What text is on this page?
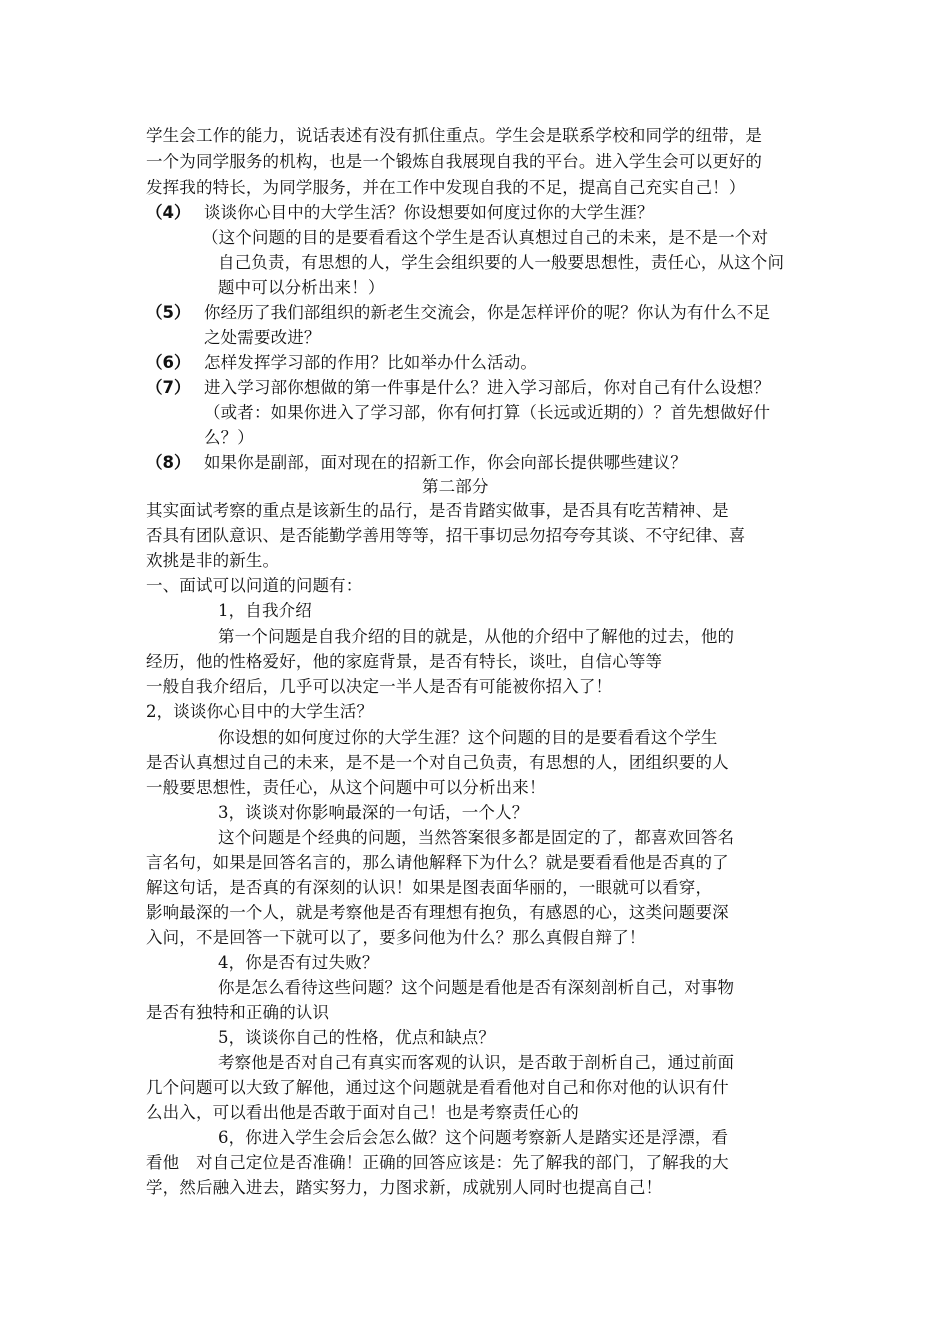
学生会工作的能力，说话表述有没有抓住重点。学生会是联系学校和同学的纽带，是
一个为同学服务的机构，也是一个锻炼自我展现自我的平台。进入学生会可以更好的
发挥我的特长，为同学服务，并在工作中发现自我的不足，提高自己充实自己！）
（4） 谈谈你心目中的大学生活？你设想要如何度过你的大学生涯？
（这个问题的目的是要看看这个学生是否认真想过自己的未来，是不是一个对
自己负责，有思想的人，学生会组织要的人一般要思想性，责任心，从这个问
题中可以分析出来！）
（5） 你经历了我们部组织的新老生交流会，你是怎样评价的呢？你认为有什么不足
之处需要改进？
（6） 怎样发挥学习部的作用？比如举办什么活动。
（7） 进入学习部你想做的第一件事是什么？进入学习部后，你对自己有什么设想？
（或者：如果你进入了学习部，你有何打算（长远或近期的）？首先想做好什
么？）
（8） 如果你是副部，面对现在的招新工作，你会向部长提供哪些建议？
第二部分
其实面试考察的重点是该新生的品行，是否肯踏实做事，是否具有吃苦精神、是
否具有团队意识、是否能勤学善用等等，招干事切忌勿招夸夸其谈、不守纪律、喜
欢挑是非的新生。
一、面试可以问道的问题有：
1，自我介绍
第一个问题是自我介绍的目的就是，从他的介绍中了解他的过去，他的
经历，他的性格爱好，他的家庭背景，是否有特长，谈吐，自信心等等
一般自我介绍后，几乎可以决定一半人是否有可能被你招入了！
2，谈谈你心目中的大学生活？
你设想的如何度过你的大学生涯？这个问题的目的是要看看这个学生
是否认真想过自己的未来，是不是一个对自己负责，有思想的人，团组织要的人
一般要思想性，责任心，从这个问题中可以分析出来！
3，谈谈对你影响最深的一句话，一个人？
这个问题是个经典的问题，当然答案很多都是固定的了，都喜欢回答名
言名句，如果是回答名言的，那么请他解释下为什么？就是要看看他是否真的了
解这句话，是否真的有深刻的认识！如果是图表面华丽的，一眼就可以看穿，
影响最深的一个人，就是考察他是否有理想有抱负，有感恩的心，这类问题要深
入问，不是回答一下就可以了，要多问他为什么？那么真假自辩了！
4，你是否有过失败？
你是怎么看待这些问题？这个问题是看他是否有深刻剖析自己，对事物
是否有独特和正确的认识
5，谈谈你自己的性格，优点和缺点？
考察他是否对自己有真实而客观的认识，是否敢于剖析自己，通过前面
几个问题可以大致了解他，通过这个问题就是看看他对自己和你对他的认识有什
么出入，可以看出他是否敢于面对自己！也是考察责任心的
6，你进入学生会后会怎么做？这个问题考察新人是踏实还是浮漂，看
看他　对自己定位是否准确！正确的回答应该是：先了解我的部门，了解我的大
学，然后融入进去，踏实努力，力图求新，成就别人同时也提高自己！
